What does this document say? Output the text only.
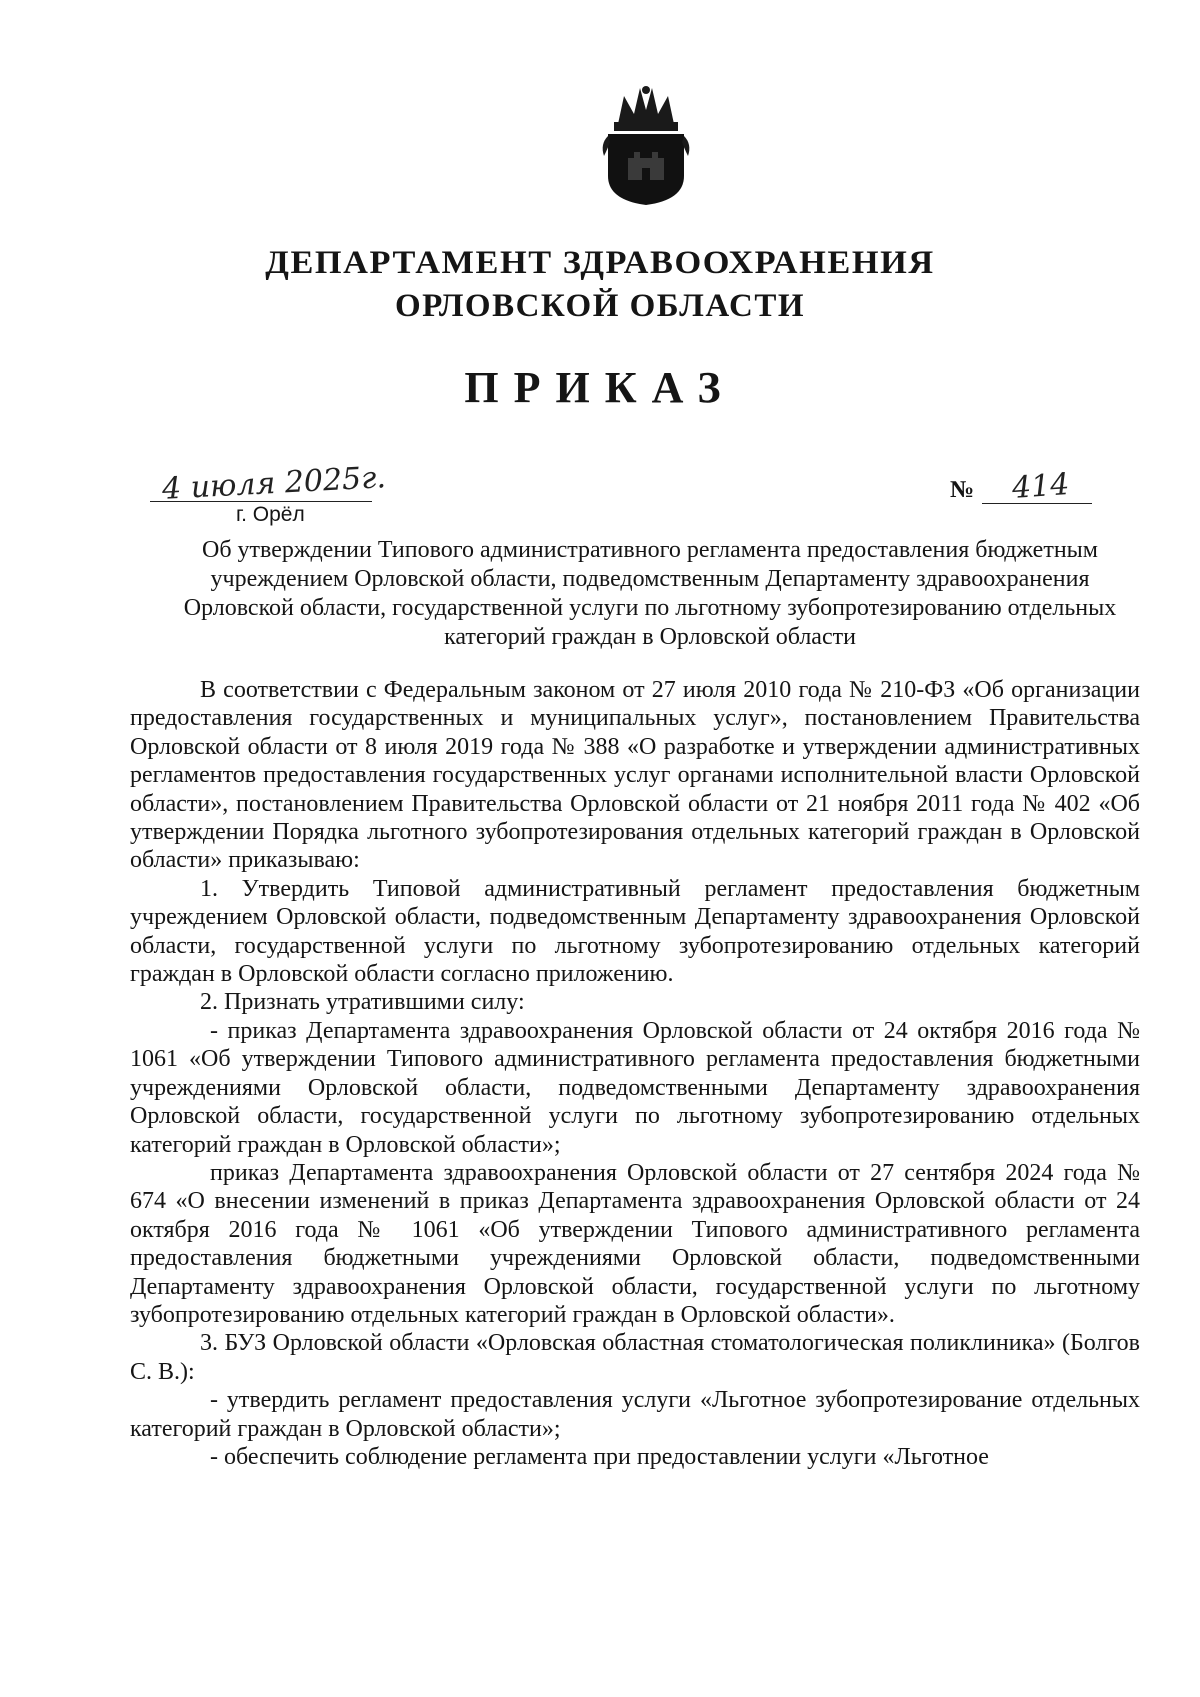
ДЕПАРТАМЕНТ ЗДРАВООХРАНЕНИЯ
ОРЛОВСКОЙ ОБЛАСТИ
ПРИКАЗ
4 июля 2025г.
г. Орёл
№ 414
Об утверждении Типового административного регламента предоставления бюджетным учреждением Орловской области, подведомственным Департаменту здравоохранения Орловской области, государственной услуги по льготному зубопротезированию отдельных категорий граждан в Орловской области

В соответствии с Федеральным законом от 27 июля 2010 года № 210-ФЗ «Об организации предоставления государственных и муниципальных услуг», постановлением Правительства Орловской области от 8 июля 2019 года № 388 «О разработке и утверждении административных регламентов предоставления государственных услуг органами исполнительной власти Орловской области», постановлением Правительства Орловской области от 21 ноября 2011 года № 402 «Об утверждении Порядка льготного зубопротезирования отдельных категорий граждан в Орловской области» приказываю:

1. Утвердить Типовой административный регламент предоставления бюджетным учреждением Орловской области, подведомственным Департаменту здравоохранения Орловской области, государственной услуги по льготному зубопротезированию отдельных категорий граждан в Орловской области согласно приложению.

2. Признать утратившими силу:

- приказ Департамента здравоохранения Орловской области от 24 октября 2016 года № 1061 «Об утверждении Типового административного регламента предоставления бюджетными учреждениями Орловской области, подведомственными Департаменту здравоохранения Орловской области, государственной услуги по льготному зубопротезированию отдельных категорий граждан в Орловской области»;

приказ Департамента здравоохранения Орловской области от 27 сентября 2024 года № 674 «О внесении изменений в приказ Департамента здравоохранения Орловской области от 24 октября 2016 года № 1061 «Об утверждении Типового административного регламента предоставления бюджетными учреждениями Орловской области, подведомственными Департаменту здравоохранения Орловской области, государственной услуги по льготному зубопротезированию отдельных категорий граждан в Орловской области».

3. БУЗ Орловской области «Орловская областная стоматологическая поликлиника» (Болгов С. В.):

- утвердить регламент предоставления услуги «Льготное зубопротезирование отдельных категорий граждан в Орловской области»;

- обеспечить соблюдение регламента при предоставлении услуги «Льготное
